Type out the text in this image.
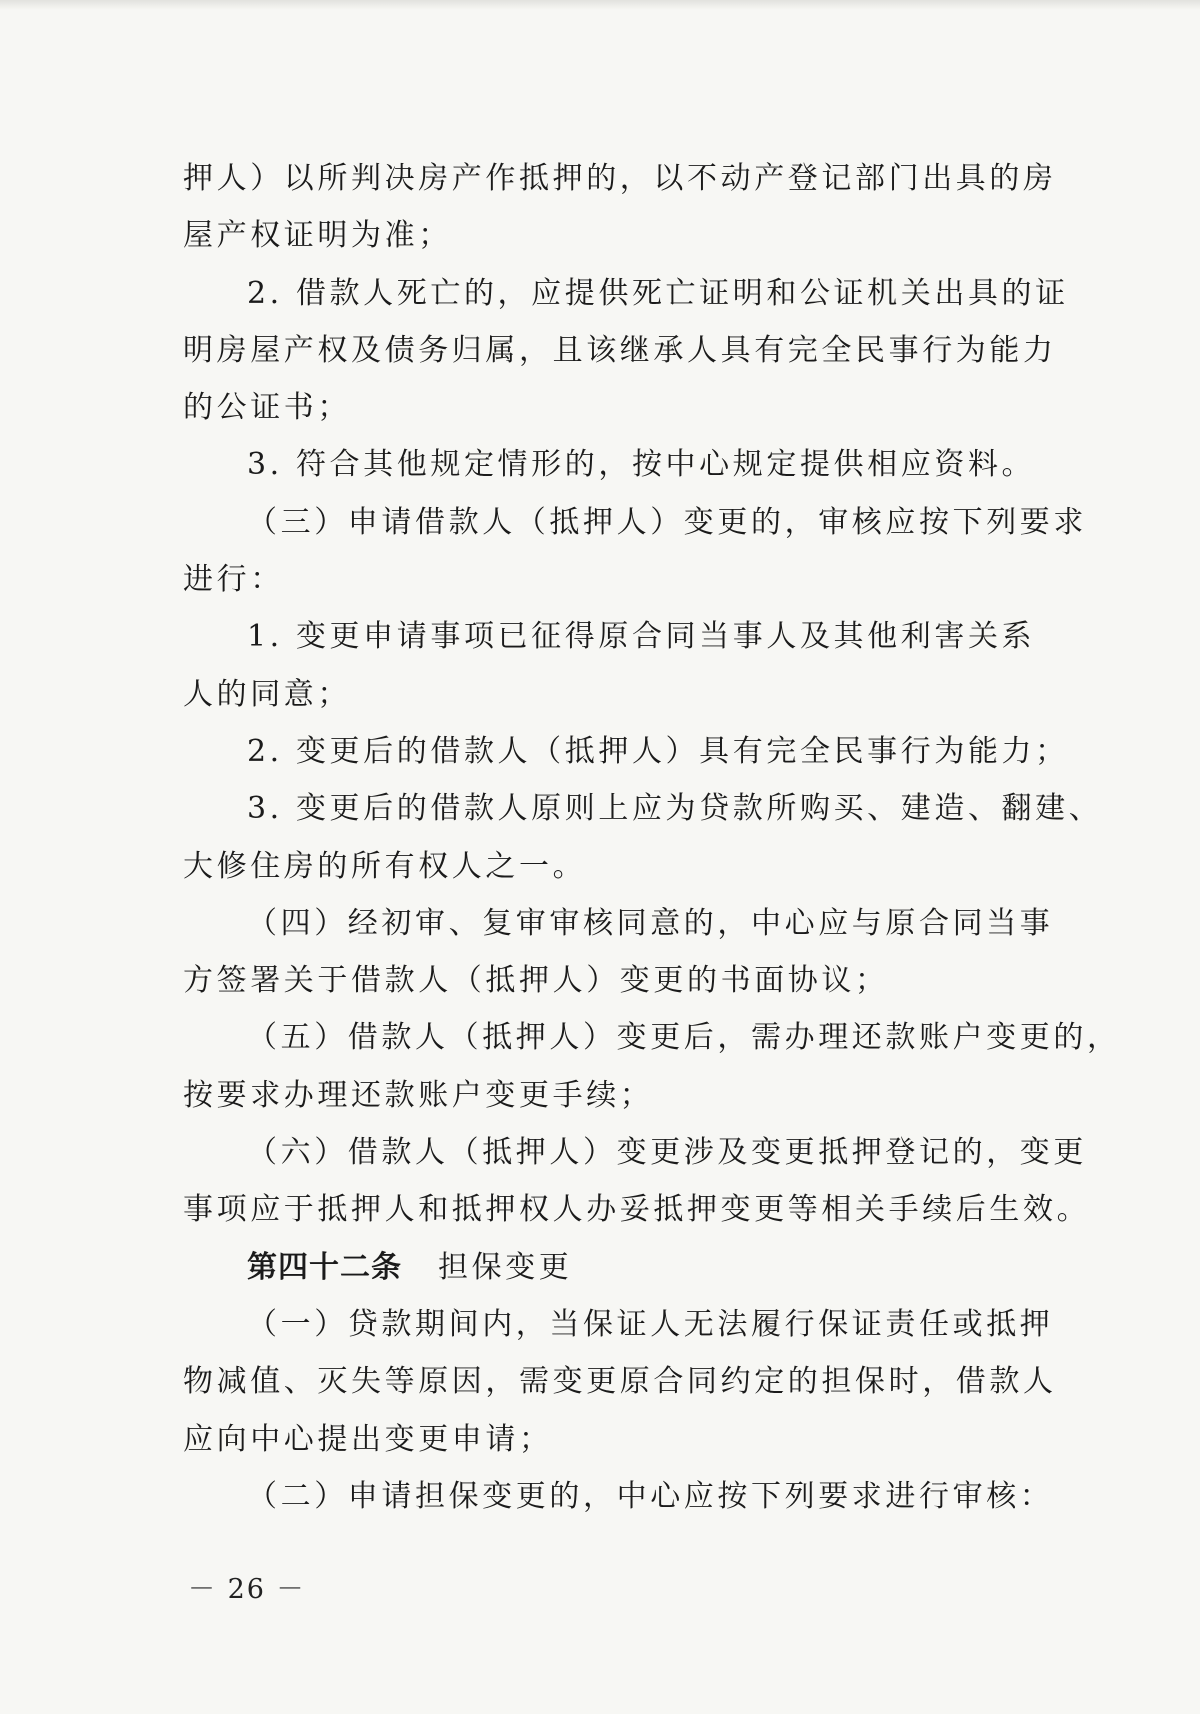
押人）以所判决房产作抵押的，以不动产登记部门出具的房
屋产权证明为准；
2. 借款人死亡的，应提供死亡证明和公证机关出具的证
明房屋产权及债务归属，且该继承人具有完全民事行为能力
的公证书；
3. 符合其他规定情形的，按中心规定提供相应资料。
（三）申请借款人（抵押人）变更的，审核应按下列要求
进行：
1. 变更申请事项已征得原合同当事人及其他利害关系
人的同意；
2. 变更后的借款人（抵押人）具有完全民事行为能力；
3. 变更后的借款人原则上应为贷款所购买、建造、翻建、
大修住房的所有权人之一。
（四）经初审、复审审核同意的，中心应与原合同当事
方签署关于借款人（抵押人）变更的书面协议；
（五）借款人（抵押人）变更后，需办理还款账户变更的，
按要求办理还款账户变更手续；
（六）借款人（抵押人）变更涉及变更抵押登记的，变更
事项应于抵押人和抵押权人办妥抵押变更等相关手续后生效。
第四十二条 担保变更
（一）贷款期间内，当保证人无法履行保证责任或抵押
物减值、灭失等原因，需变更原合同约定的担保时，借款人
应向中心提出变更申请；
（二）申请担保变更的，中心应按下列要求进行审核：
－ 26 －
